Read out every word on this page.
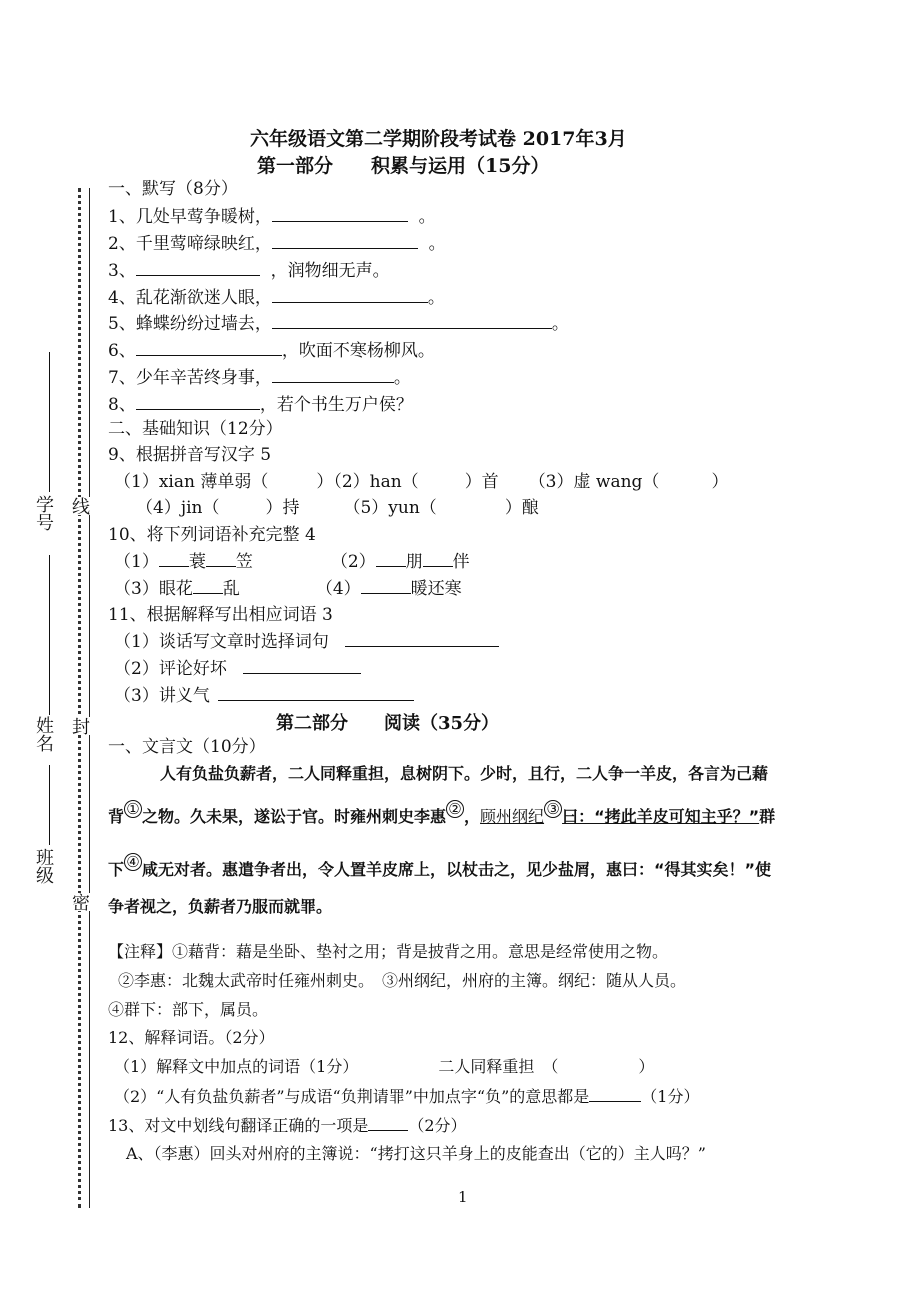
学号
姓名
班级
线
封
密
六年级语文第二学期阶段考试卷 2017年3月
第一部分　　积累与运用（15分）
一、默写（8分）
1、几处早莺争暖树，	。
2、千里莺啼绿映红，	。
3、	，润物细无声。
4、乱花渐欲迷人眼，	。
5、蜂蝶纷纷过墙去，	。
6、	，吹面不寒杨柳风。
7、少年辛苦终身事，	。
8、	，若个书生万户侯？
二、基础知识（12分）
9、根据拼音写汉字 5
（1）xian 薄单弱（	）（2）han（	）首 （3）虚 wang（	）
（4）jin（	）持	（5）yun（	）酿
10、将下列词语补充完整 4
（1） 蓑 笠	（2） 朋 伴
（3）眼花 乱	（4）	暖还寒
11、根据解释写出相应词语 3
（1）谈话写文章时选择词句
（2）评论好坏
（3）讲义气
第二部分　　阅读（35分）
一、文言文（10分）
人有负盐负薪者，二人同释重担，息树阴下。少时，且行，二人争一羊皮，各言为己藉
背 ① 之物。久未果，遂讼于官。时雍州刺史李惠 ② ，顾州纲纪 ③ 曰：“拷此羊皮可知主乎？”群
下 ④ 咸无对者。惠遣争者出，令人置羊皮席上，以杖击之，见少盐屑，惠曰：“得其实矣！”使
争者视之，负薪者乃服而就罪。
【注释】①藉背：藉是坐卧、垫衬之用；背是披背之用。意思是经常使用之物。
②李惠：北魏太武帝时任雍州刺史。　③州纲纪，州府的主簿。纲纪：随从人员。
④群下：部下，属员。
12、解释词语。（2分）
（1）解释文中加点的词语（1分）	二人同释重担　（　　　　　）
（2）“人有负盐负薪者”与成语“负荆请罪”中加点字“负”的意思都是	（1分）
13、对文中划线句翻译正确的一项是	（2分）
A、（李惠）回头对州府的主簿说：“拷打这只羊身上的皮能查出（它的）主人吗？”
1
